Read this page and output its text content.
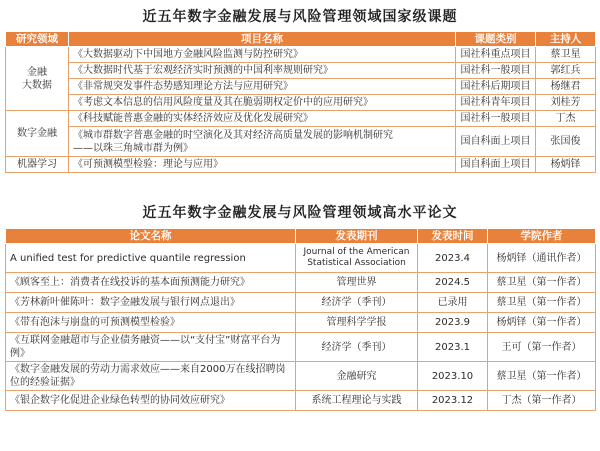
近五年数字金融发展与风险管理领域国家级课题
研究领域	项目名称	课题类别	主持人
金融
大数据	《大数据驱动下中国地方金融风险监测与防控研究》	国社科重点项目	蔡卫星
	《大数据时代基于宏观经济实时预测的中国利率规则研究》	国社科一般项目	郭红兵
	《非常规突发事件态势感知理论方法与应用研究》	国社科后期项目	杨继君
	《考虑文本信息的信用风险度量及其在脆弱期权定价中的应用研究》	国社科青年项目	刘桂芳
数字金融	《科技赋能普惠金融的实体经济效应及优化发展研究》	国社科一般项目	丁杰
	《城市群数字普惠金融的时空演化及其对经济高质量发展的影响机制研究
——以珠三角城市群为例》	国自科面上项目	张国俊
机器学习	《可预测模型检验：理论与应用》	国自科面上项目	杨炳铎
近五年数字金融发展与风险管理领域高水平论文
论文名称	发表期刊	发表时间	学院作者
A unified test for predictive quantile regression	Journal of the American Statistical Association	2023.4	杨炳铎（通讯作者）
《顾客至上：消费者在线投诉的基本面预测能力研究》	管理世界	2024.5	蔡卫星（第一作者）
《芳林新叶催陈叶：数字金融发展与银行网点退出》	经济学（季刊）	已录用	蔡卫星（第一作者）
《带有泡沫与崩盘的可预测模型检验》	管理科学学报	2023.9	杨炳铎（第一作者）
《互联网金融超市与企业债务融资——以“支付宝”财富平台为例》	经济学（季刊）	2023.1	王可（第一作者）
《数字金融发展的劳动力需求效应——来自2000万在线招聘岗位的经验证据》	金融研究	2023.10	蔡卫星（第一作者）
《银企数字化促进企业绿色转型的协同效应研究》	系统工程理论与实践	2023.12	丁杰（第一作者）
